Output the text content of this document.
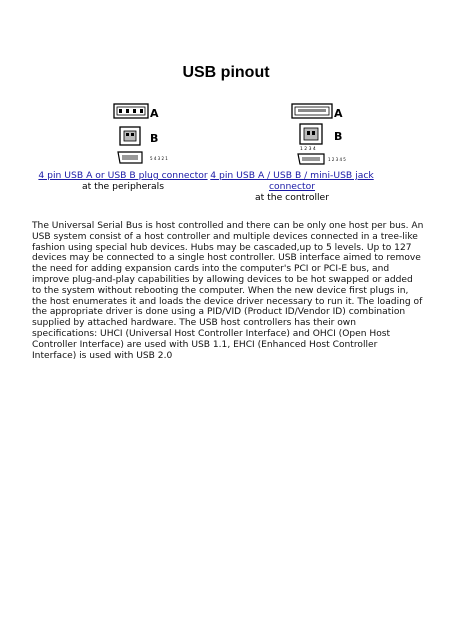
USB pinout
A
B
5 4 3 2 1
A
B
1 2 3 4
1 2 3 4 5
4 pin USB A or USB B plug connector
at the peripherals
4 pin USB A / USB B / mini-USB jack connector
at the controller
The Universal Serial Bus is host controlled and there can be only one host per bus. An USB system consist of a host controller and multiple devices connected in a tree-like fashion using special hub devices. Hubs may be cascaded,up to 5 levels. Up to 127 devices may be connected to a single host controller. USB interface aimed to remove the need for adding expansion cards into the computer's PCI or PCI-E bus, and improve plug-and-play capabilities by allowing devices to be hot swapped or added to the system without rebooting the computer. When the new device first plugs in, the host enumerates it and loads the device driver necessary to run it. The loading of the appropriate driver is done using a PID/VID (Product ID/Vendor ID) combination supplied by attached hardware. The USB host controllers has their own specifications: UHCI (Universal Host Controller Interface) and OHCI (Open Host Controller Interface) are used with USB 1.1, EHCI (Enhanced Host Controller Interface) is used with USB 2.0
